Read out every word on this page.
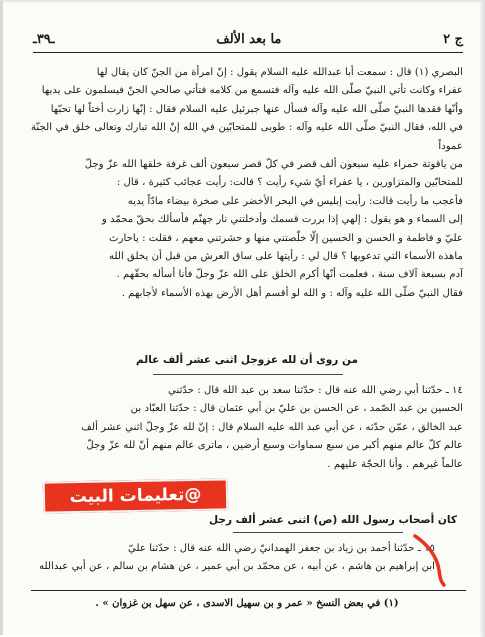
ـ٣٩ـ	ما بعد الألف	ج ٢

البصري (١) قال : سمعت أبا عبدالله عليه السلام يقول : إنّ امرأة من الجنّ كان يقال لها

عفراء وكانت تأتي النبيّ صلّى الله عليه وآله فتسمع من كلامه فتأتي صالحي الجنّ فيسلمون على يديها

وأنّها فقدها النبيّ صلّى الله عليه وآله فسأل عنها جبرئيل عليه السلام فقال : إنّها زارت أختاً لها تحبّها

في الله، فقال النبيّ صلّى الله عليه وآله : طوبى للمتحابّين في الله إنّ الله تبارك وتعالى خلق في الجنّة عموداً

من ياقوتة حمراء عليه سبعون ألف قصر في كلّ قصر سبعون ألف غرفة خلقها الله عزّ وجلّ

للمتحابّين والمتزاورين ، يا عفراء أيّ شيء رأيت ؟ قالت: رأيت عجائب كثيرة ، قال :

فأعجب ما رأيت قالت: رأيت إبليس في البحر الأخضر على صخرة بيضاء مادّاً يديه

إلى السماء و هو يقول : إلهي إذا بررت قسمك وأدخلتني نار جهنّم فأسألك بحقّ محمّد و

عليّ و فاطمة و الحسن و الحسين إلّا خلّصتني منها و حشرتني معهم ، فقلت : ياحارث

ماهذه الأسماء التي تدعوبها ؟ قال لي : رأيتها على ساق العرش من قبل أن يخلق الله

آدم بسبعة آلاف سنة ، فعلمت أنّها أكرم الخلق على الله عزّ وجلّ فأنا أسأله بحقّهم .

فقال النبيّ صلّى الله عليه وآله : و الله لو أقسم أهل الأرض بهذه الأسماء لأجابهم .

من روى أن لله عزوجل اثنى عشر ألف عالم

١٤ ـ حدّثنا أبي رضي الله عنه قال : حدّثنا سعد بن عبد الله قال : حدّثني

الحسين بن عبد الصّمد ، عن الحسن بن عليّ بن أبي عثمان قال : حدّثنا العبّاد بن

عبد الخالق ، عمّن حدّثه ، عن أبي عبد الله عليه السلام قال : إنّ لله عزّ وجلّ اثني عشر ألف

عالم كلّ عالم منهم أكبر من سبع سماوات وسبع أرضين ، ماترى عالم منهم أنّ لله عزّ وجلّ

عالماً غيرهم . وأنا الحجّة عليهم .

كان أصحاب رسول الله (ص) اثنى عشر ألف رجل

١٥ ـ حدّثنا أحمد بن زياد بن جعفر الهمدانيّ رضي الله عنه قال : حدّثنا عليّ

ابن إبراهيم بن هاشم ، عن أبيه ، عن محمّد بن أبي عمير ، عن هشام بن سالم ، عن أبي عبدالله

(١) في بعض النسخ « عمر و بن سهيل الاسدى ، عن سهل بن غزوان » .
@تعليمات البيت
